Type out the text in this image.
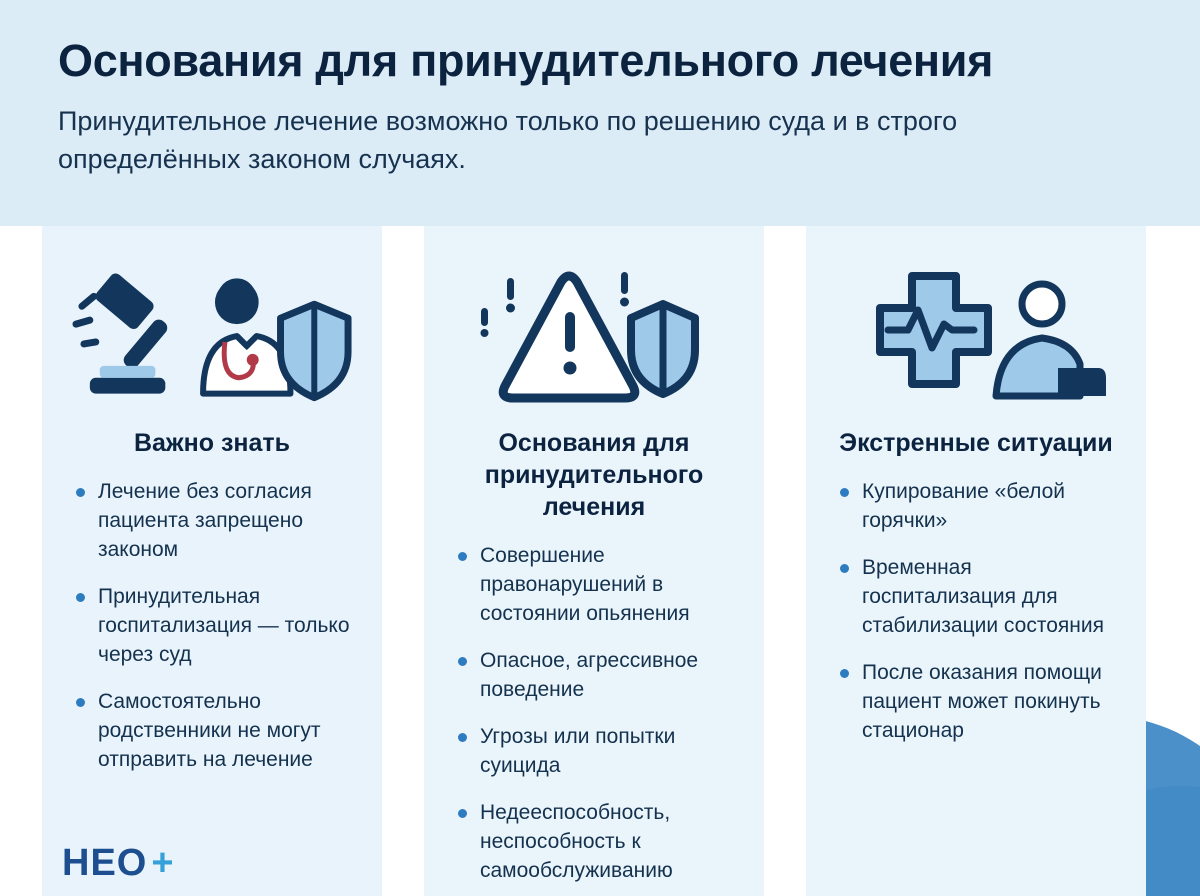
Основания для принудительного лечения
Принудительное лечение возможно только по решению суда и в строго определённых законом случаях.
Важно знать
Лечение без согласия пациента запрещено законом
Принудительная госпитализация — только через суд
Самостоятельно родственники не могут отправить на лечение
Основания для принудительного лечения
Совершение правонарушений в состоянии опьянения
Опасное, агрессивное поведение
Угрозы или попытки суицида
Недееспособность, неспособность к самообслуживанию
Экстренные ситуации
Купирование «белой горячки»
Временная госпитализация для стабилизации состояния
После оказания помощи пациент может покинуть стационар
НЕО +
